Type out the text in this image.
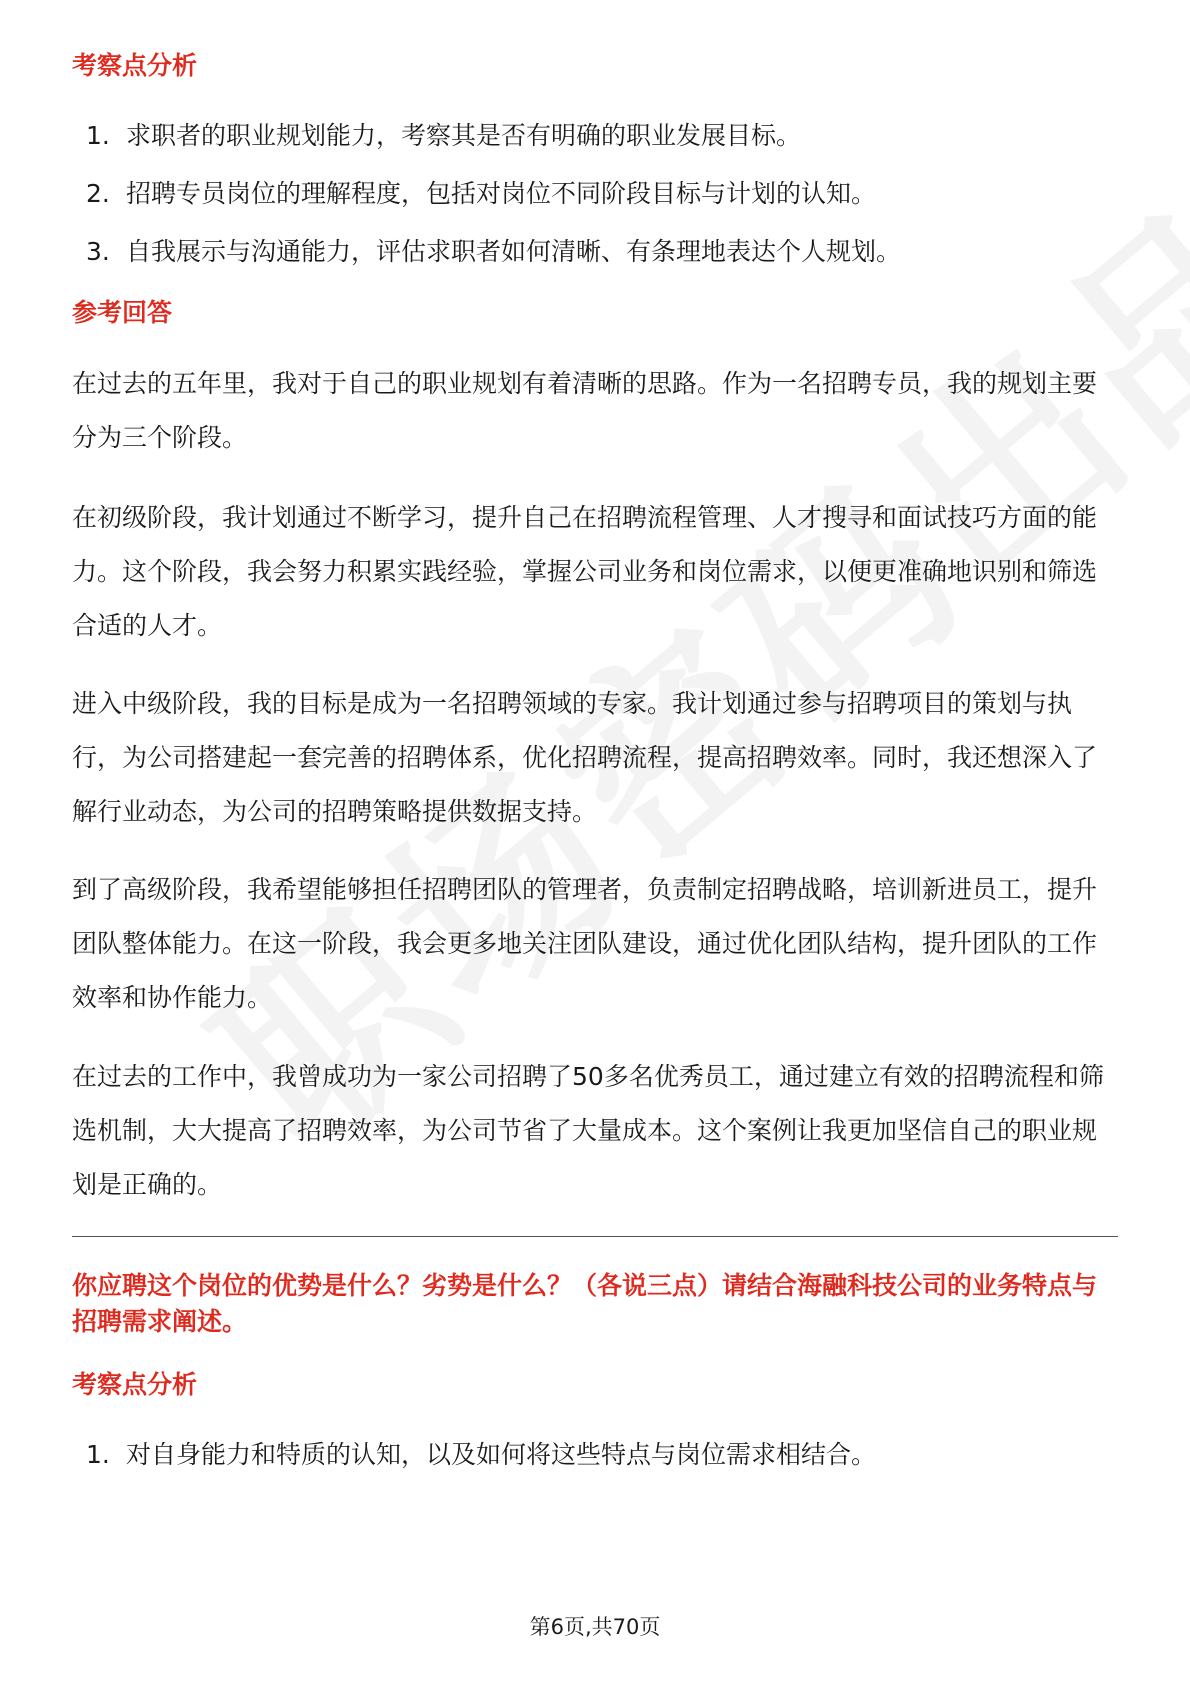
考察点分析
1. 求职者的职业规划能力，考察其是否有明确的职业发展目标。
2. 招聘专员岗位的理解程度，包括对岗位不同阶段目标与计划的认知。
3. 自我展示与沟通能力，评估求职者如何清晰、有条理地表达个人规划。
参考回答

在过去的五年里，我对于自己的职业规划有着清晰的思路。作为一名招聘专员，我的规划主要分为三个阶段。

在初级阶段，我计划通过不断学习，提升自己在招聘流程管理、人才搜寻和面试技巧方面的能力。这个阶段，我会努力积累实践经验，掌握公司业务和岗位需求，以便更准确地识别和筛选合适的人才。

进入中级阶段，我的目标是成为一名招聘领域的专家。我计划通过参与招聘项目的策划与执行，为公司搭建起一套完善的招聘体系，优化招聘流程，提高招聘效率。同时，我还想深入了解行业动态，为公司的招聘策略提供数据支持。

到了高级阶段，我希望能够担任招聘团队的管理者，负责制定招聘战略，培训新进员工，提升团队整体能力。在这一阶段，我会更多地关注团队建设，通过优化团队结构，提升团队的工作效率和协作能力。

在过去的工作中，我曾成功为一家公司招聘了50多名优秀员工，通过建立有效的招聘流程和筛选机制，大大提高了招聘效率，为公司节省了大量成本。这个案例让我更加坚信自己的职业规划是正确的。

你应聘这个岗位的优势是什么？劣势是什么？（各说三点）请结合海融科技公司的业务特点与招聘需求阐述。
考察点分析
1. 对自身能力和特质的认知，以及如何将这些特点与岗位需求相结合。
第6页,共70页
